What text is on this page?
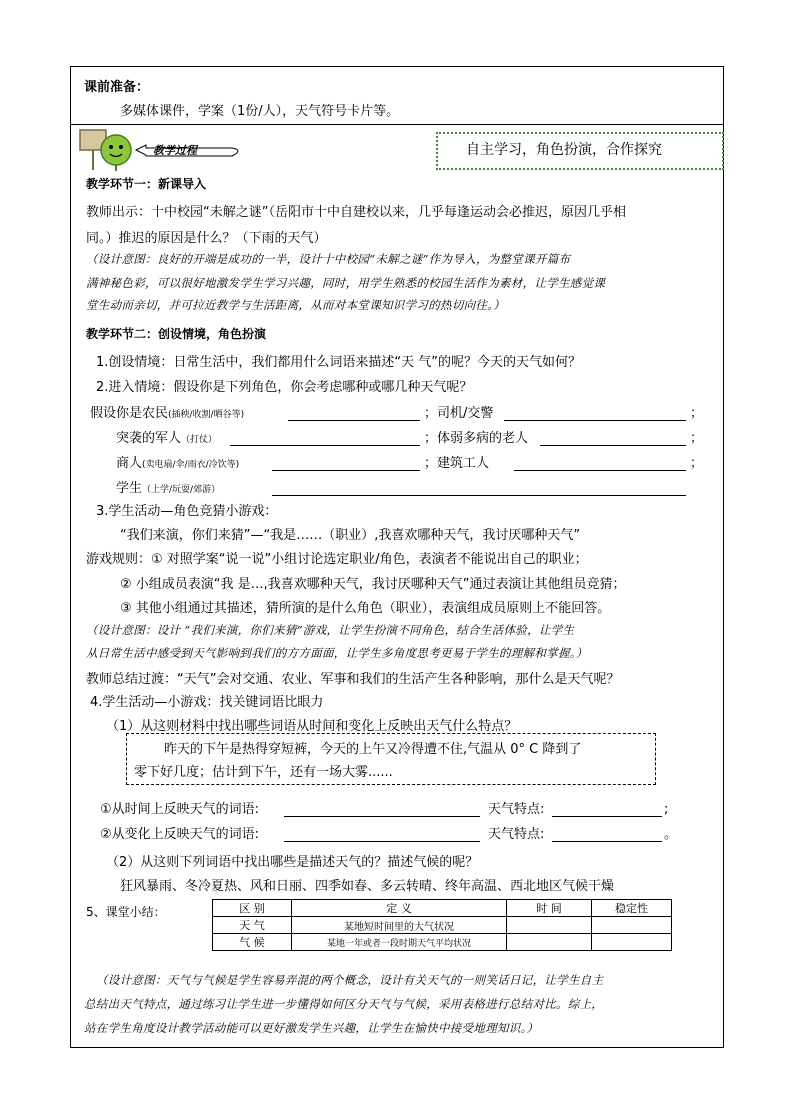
课前准备：
多媒体课件，学案（1份/人），天气符号卡片等。
教学过程	自主学习，角色扮演，合作探究
教学环节一：新课导入
教师出示：十中校园“未解之谜”（岳阳市十中自建校以来，几乎每逢运动会必推迟，原因几乎相
同。）推迟的原因是什么？（下雨的天气）
（设计意图：良好的开端是成功的一半，设计十中校园“未解之谜”作为导入，为整堂课开篇布
满神秘色彩，可以很好地激发学生学习兴趣，同时，用学生熟悉的校园生活作为素材，让学生感觉课
堂生动而亲切，并可拉近教学与生活距离，从而对本堂课知识学习的热切向往。）
教学环节二：创设情境，角色扮演
1.创设情境：日常生活中，我们都用什么词语来描述“天 气”的呢？今天的天气如何？
2.进入情境：假设你是下列角色，你会考虑哪种或哪几种天气呢？
假设你是农民(插秧/收割/晒谷等)	；司机/交警	；
突袭的军人（打仗）	；体弱多病的老人	；
商人(卖电扇/伞/雨衣/冷饮等)	；建筑工人	；
学生（上学/玩耍/郊游）
3.学生活动—角色竞猜小游戏：
“我们来演，你们来猜”—“我是……（职业）,我喜欢哪种天气，我讨厌哪种天气”
游戏规则：① 对照学案“说一说”小组讨论选定职业/角色，表演者不能说出自己的职业；
② 小组成员表演“我 是…,我喜欢哪种天气，我讨厌哪种天气”通过表演让其他组员竞猜；
③ 其他小组通过其描述，猜所演的是什么角色（职业），表演组成员原则上不能回答。
（设计意图：设计 “我们来演，你们来猜”游戏，让学生扮演不同角色，结合生活体验，让学生
从日常生活中感受到天气影响到我们的方方面面，让学生多角度思考更易于学生的理解和掌握。）
教师总结过渡：“天气”会对交通、农业、军事和我们的生活产生各种影响，那什么是天气呢？
4.学生活动—小游戏：找关键词语比眼力
（1）从这则材料中找出哪些词语从时间和变化上反映出天气什么特点？
昨天的下午是热得穿短裤，今天的上午又冷得遭不住,气温从 0° C 降到了
零下好几度；估计到下午，还有一场大雾......
①从时间上反映天气的词语:	天气特点:	;
②从变化上反映天气的词语:	天气特点:	。
（2）从这则下列词语中找出哪些是描述天气的？描述气候的呢？
狂风暴雨、冬冷夏热、风和日丽、四季如春、多云转晴、终年高温、西北地区气候干燥
5、课堂小结：	区 别	定 义	时 间	稳定性
天 气	某地短时间里的大气状况		
气 候	某地一年或者一段时期天气平均状况		
（设计意图：天气与气候是学生容易弄混的两个概念，设计有关天气的一则笑话日记，让学生自主
总结出天气特点，通过练习让学生进一步懂得如何区分天气与气候，采用表格进行总结对比。综上，
站在学生角度设计教学活动能可以更好激发学生兴趣，让学生在愉快中接受地理知识。）
